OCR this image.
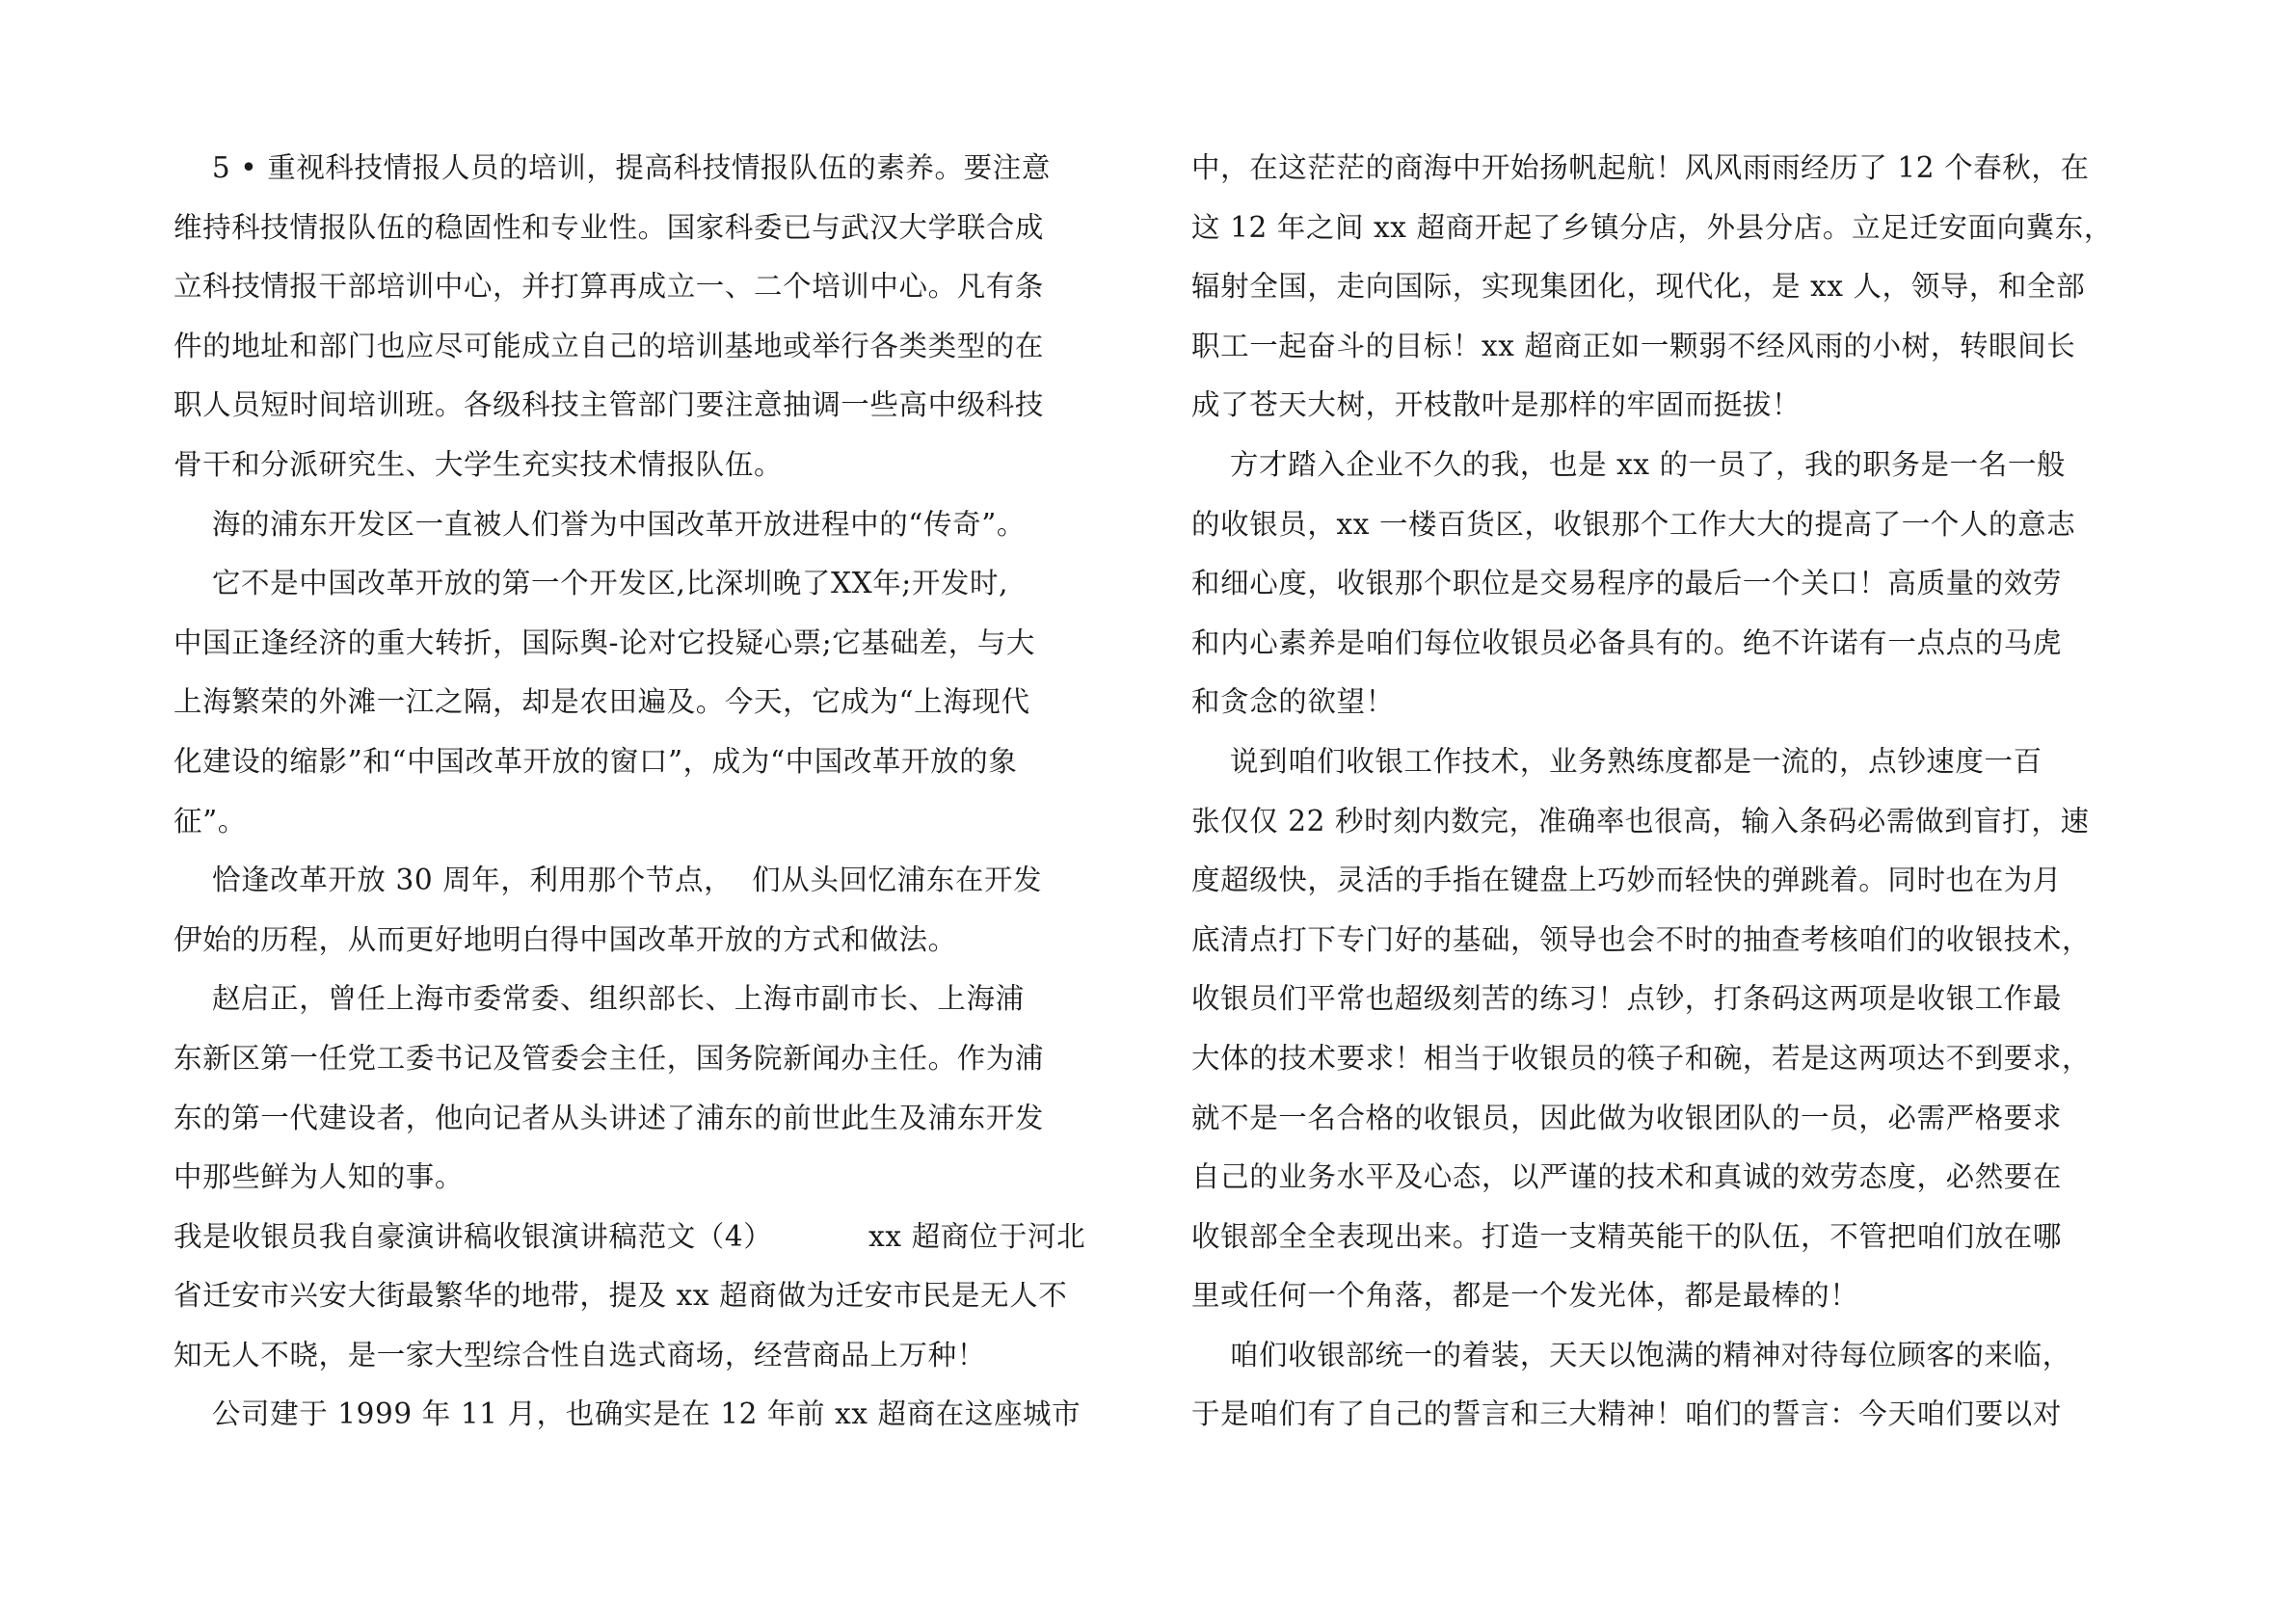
5 • 重视科技情报人员的培训，提高科技情报队伍的素养。要注意
维持科技情报队伍的稳固性和专业性。国家科委已与武汉大学联合成
立科技情报干部培训中心，并打算再成立一、二个培训中心。凡有条
件的地址和部门也应尽可能成立自己的培训基地或举行各类类型的在
职人员短时间培训班。各级科技主管部门要注意抽调一些高中级科技
骨干和分派研究生、大学生充实技术情报队伍。
海的浦东开发区一直被人们誉为中国改革开放进程中的“传奇”。
它不是中国改革开放的第一个开发区,比深圳晚了XX年;开发时,
中国正逢经济的重大转折，国际舆-论对它投疑心票;它基础差，与大
上海繁荣的外滩一江之隔，却是农田遍及。今天，它成为“上海现代
化建设的缩影”和“中国改革开放的窗口”，成为“中国改革开放的象
征”。
恰逢改革开放 30 周年，利用那个节点，  们从头回忆浦东在开发
伊始的历程，从而更好地明白得中国改革开放的方式和做法。
赵启正，曾任上海市委常委、组织部长、上海市副市长、上海浦
东新区第一任党工委书记及管委会主任，国务院新闻办主任。作为浦
东的第一代建设者，他向记者从头讲述了浦东的前世此生及浦东开发
中那些鲜为人知的事。
我是收银员我自豪演讲稿收银演讲稿范文（4）          xx 超商位于河北
省迁安市兴安大街最繁华的地带，提及 xx 超商做为迁安市民是无人不
知无人不晓，是一家大型综合性自选式商场，经营商品上万种！
公司建于 1999 年 11 月，也确实是在 12 年前 xx 超商在这座城市
中，在这茫茫的商海中开始扬帆起航！风风雨雨经历了 12 个春秋，在
这 12 年之间 xx 超商开起了乡镇分店，外县分店。立足迁安面向冀东，
辐射全国，走向国际，实现集团化，现代化，是 xx 人，领导，和全部
职工一起奋斗的目标！xx 超商正如一颗弱不经风雨的小树，转眼间长
成了苍天大树，开枝散叶是那样的牢固而挺拔！
方才踏入企业不久的我，也是 xx 的一员了，我的职务是一名一般
的收银员，xx 一楼百货区，收银那个工作大大的提高了一个人的意志
和细心度，收银那个职位是交易程序的最后一个关口！高质量的效劳
和内心素养是咱们每位收银员必备具有的。绝不许诺有一点点的马虎
和贪念的欲望！
说到咱们收银工作技术，业务熟练度都是一流的，点钞速度一百
张仅仅 22 秒时刻内数完，准确率也很高，输入条码必需做到盲打，速
度超级快，灵活的手指在键盘上巧妙而轻快的弹跳着。同时也在为月
底清点打下专门好的基础，领导也会不时的抽查考核咱们的收银技术，
收银员们平常也超级刻苦的练习！点钞，打条码这两项是收银工作最
大体的技术要求！相当于收银员的筷子和碗，若是这两项达不到要求，
就不是一名合格的收银员，因此做为收银团队的一员，必需严格要求
自己的业务水平及心态，以严谨的技术和真诚的效劳态度，必然要在
收银部全全表现出来。打造一支精英能干的队伍，不管把咱们放在哪
里或任何一个角落，都是一个发光体，都是最棒的！
咱们收银部统一的着装，天天以饱满的精神对待每位顾客的来临，
于是咱们有了自己的誓言和三大精神！咱们的誓言：今天咱们要以对
